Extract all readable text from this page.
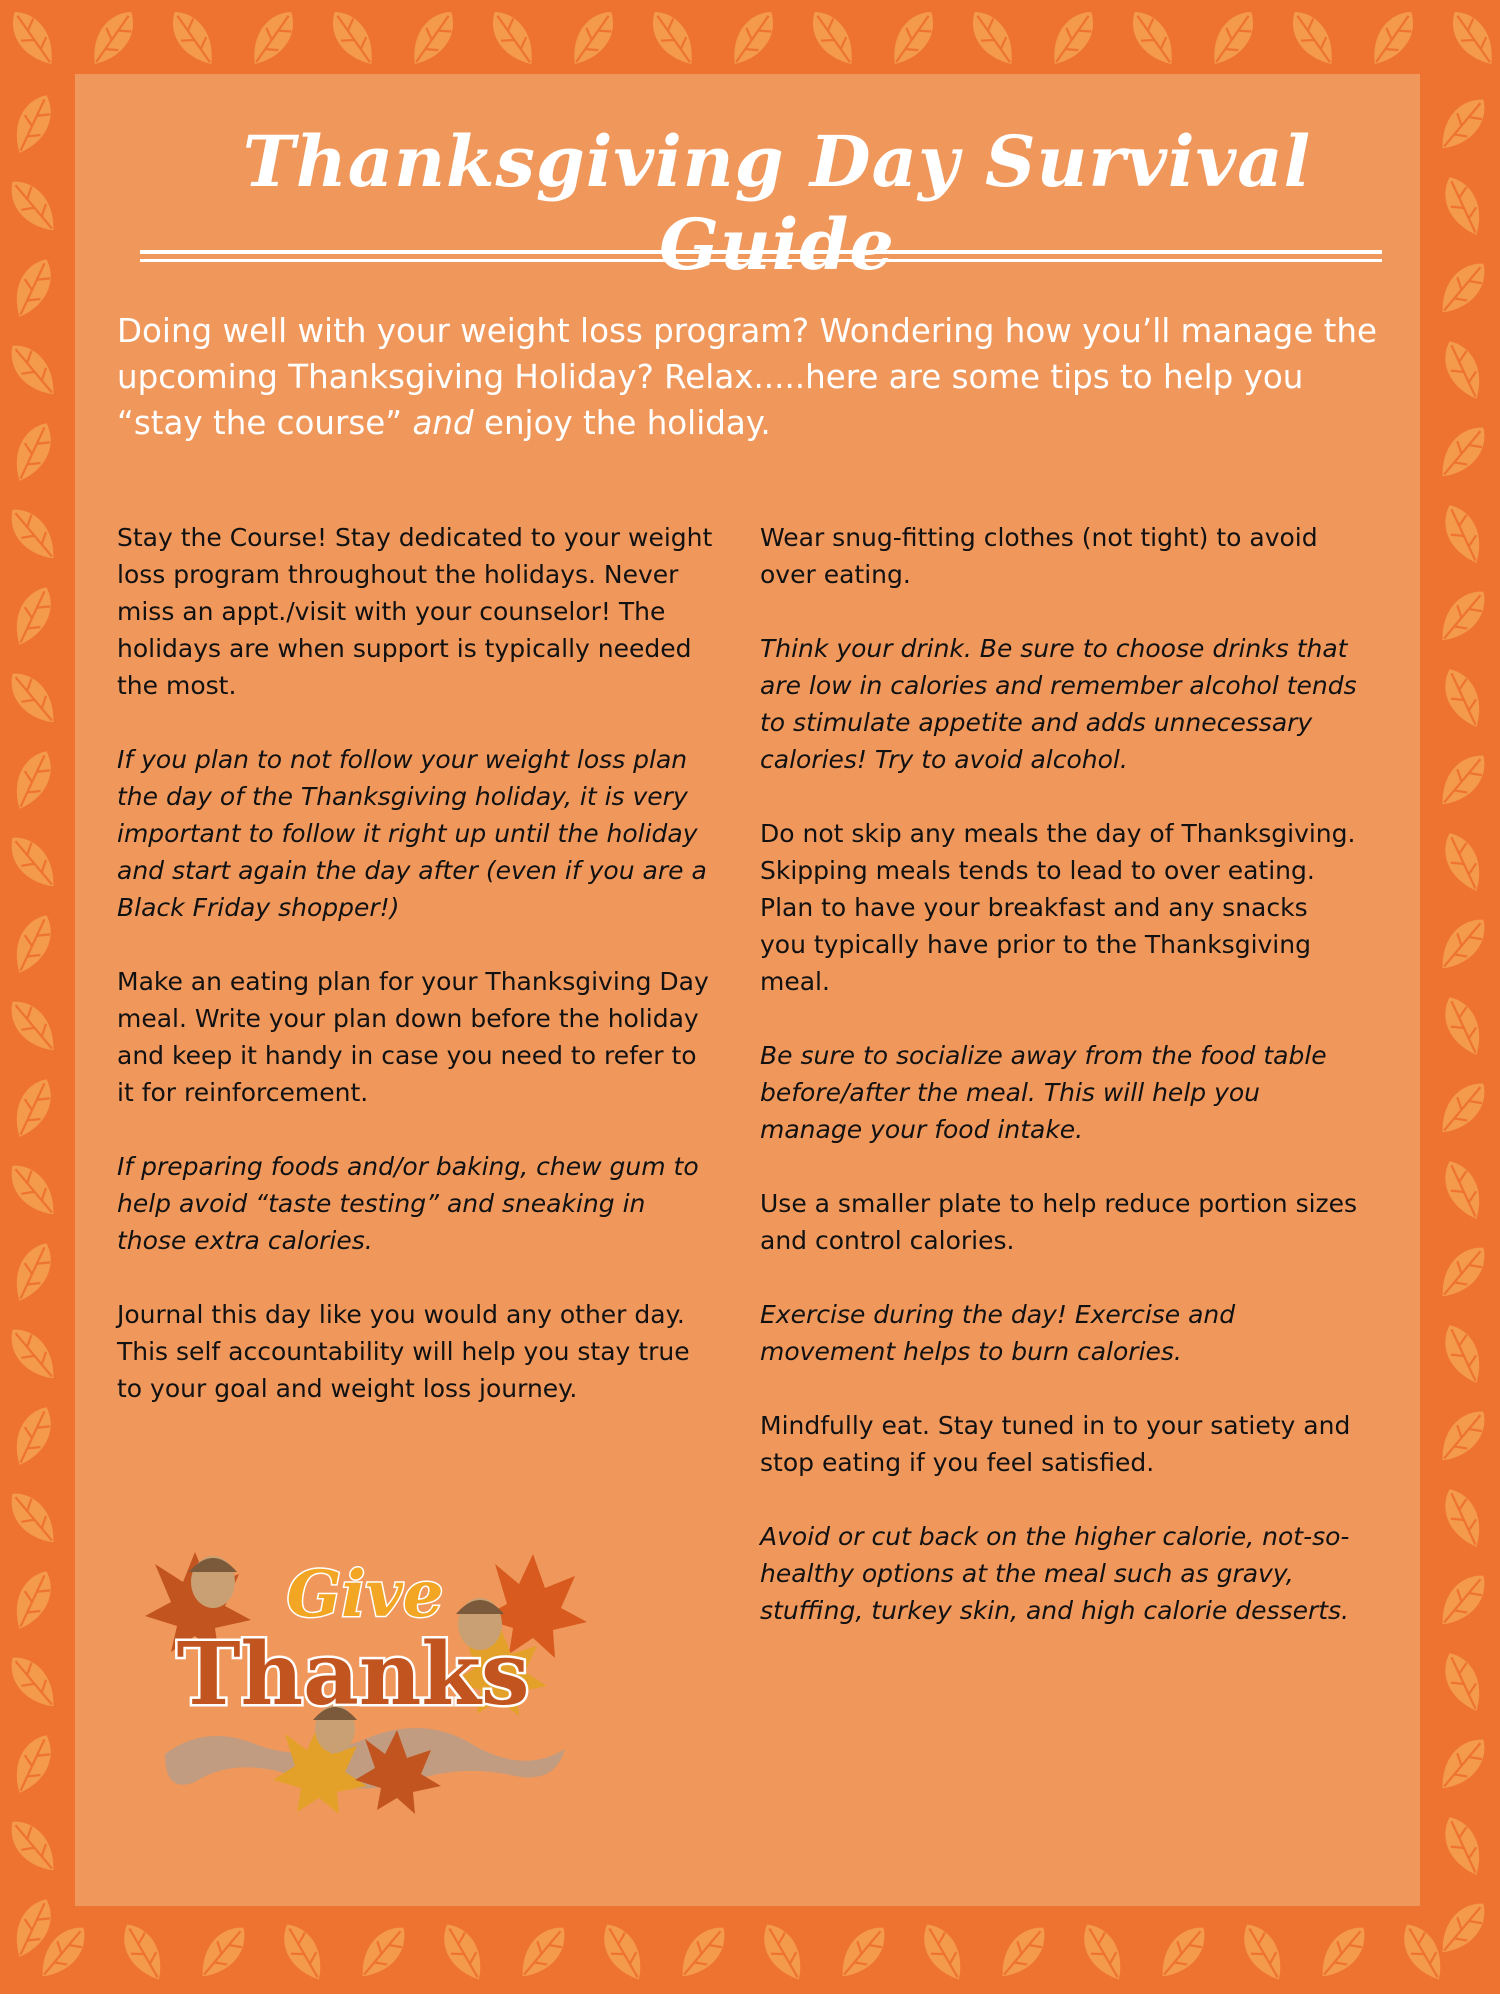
Thanksgiving Day Survival Guide

Doing well with your weight loss program? Wondering how you’ll manage the upcoming Thanksgiving Holiday? Relax.....here are some tips to help you “stay the course” and enjoy the holiday.

Stay the Course! Stay dedicated to your weight loss program throughout the holidays. Never miss an appt./visit with your counselor! The holidays are when support is typically needed the most.

If you plan to not follow your weight loss plan the day of the Thanksgiving holiday, it is very important to follow it right up until the holiday and start again the day after (even if you are a Black Friday shopper!)

Make an eating plan for your Thanksgiving Day meal. Write your plan down before the holiday and keep it handy in case you need to refer to it for reinforcement.

If preparing foods and/or baking, chew gum to help avoid “taste testing” and sneaking in those extra calories.

Journal this day like you would any other day. This self accountability will help you stay true to your goal and weight loss journey.

Wear snug-fitting clothes (not tight) to avoid over eating.

Think your drink. Be sure to choose drinks that are low in calories and remember alcohol tends to stimulate appetite and adds unnecessary calories! Try to avoid alcohol.

Do not skip any meals the day of Thanksgiving. Skipping meals tends to lead to over eating. Plan to have your breakfast and any snacks you typically have prior to the Thanksgiving meal.

Be sure to socialize away from the food table before/after the meal. This will help you manage your food intake.

Use a smaller plate to help reduce portion sizes and control calories.

Exercise during the day! Exercise and movement helps to burn calories.

Mindfully eat. Stay tuned in to your satiety and stop eating if you feel satisfied.

Avoid or cut back on the higher calorie, not-so-healthy options at the meal such as gravy, stuffing, turkey skin, and high calorie desserts.

Give
Thanks
